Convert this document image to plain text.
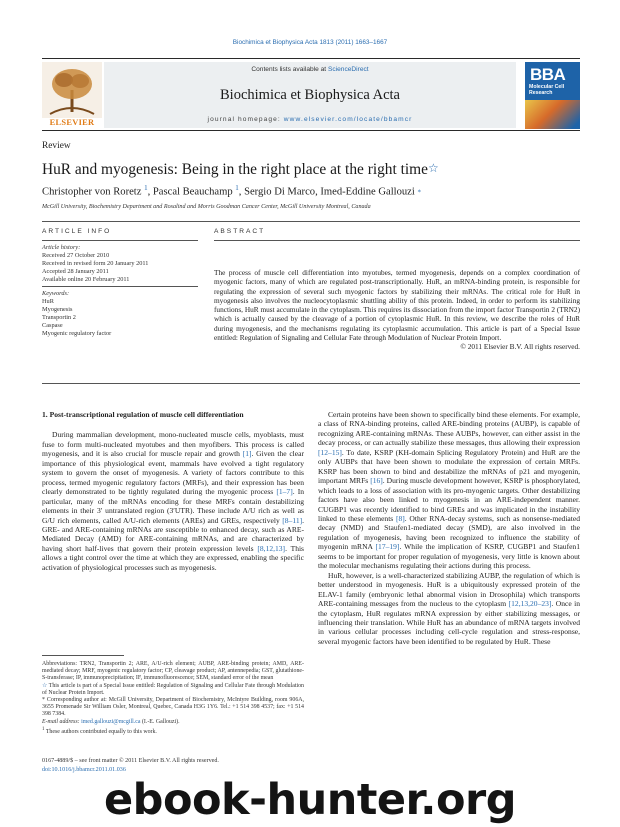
Biochimica et Biophysica Acta 1813 (2011) 1663–1667
ELSEVIER
Contents lists available at ScienceDirect
Biochimica et Biophysica Acta
journal homepage: www.elsevier.com/locate/bbamcr
BBA
Molecular Cell Research
Review
HuR and myogenesis: Being in the right place at the right time☆
Christopher von Roretz $^1$, Pascal Beauchamp $^1$, Sergio Di Marco, Imed-Eddine Gallouzi *
McGill University, Biochemistry Department and Rosalind and Morris Goodman Cancer Center, McGill University Montreal, Canada
ARTICLE INFO
Article history:
Received 27 October 2010
Received in revised form 20 January 2011
Accepted 28 January 2011
Available online 20 February 2011
Keywords:
HuR
Myogenesis
Transportin 2
Caspase
Myogenic regulatory factor
ABSTRACT
The process of muscle cell differentiation into myotubes, termed myogenesis, depends on a complex coordination of myogenic factors, many of which are regulated post-transcriptionally. HuR, an mRNA-binding protein, is responsible for regulating the expression of several such myogenic factors by stabilizing their mRNAs. The critical role for HuR in myogenesis also involves the nucleocytoplasmic shuttling ability of this protein. Indeed, in order to perform its stabilizing functions, HuR must accumulate in the cytoplasm. This requires its dissociation from the import factor Transportin 2 (TRN2) which is actually caused by the cleavage of a portion of cytoplasmic HuR. In this review, we describe the roles of HuR during myogenesis, and the mechanisms regulating its cytoplasmic accumulation. This article is part of a Special Issue entitled: Regulation of Signaling and Cellular Fate through Modulation of Nuclear Protein Import.
© 2011 Elsevier B.V. All rights reserved.
1. Post-transcriptional regulation of muscle cell differentiation

During mammalian development, mono-nucleated muscle cells, myoblasts, must fuse to form multi-nucleated myotubes and then myofibers. This process is called myogenesis, and it is also crucial for muscle repair and growth [1]. Given the clear importance of this physiological event, mammals have evolved a tight regulatory system to govern the onset of myogenesis. A variety of factors contribute to this process, termed myogenic regulatory factors (MRFs), and their expression has been clearly demonstrated to be tightly regulated during the myogenic process [1–7]. In particular, many of the mRNAs encoding for these MRFs contain destabilizing elements in their 3′ untranslated region (3′UTR). These include A/U rich as well as G/U rich elements, called A/U-rich elements (AREs) and GREs, respectively [8–11]. GRE- and ARE-containing mRNAs are susceptible to enhanced decay, such as ARE-Mediated Decay (AMD) for ARE-containing mRNAs, and are characterized by having short half-lives that govern their protein expression levels [8,12,13]. This allows a tight control over the time at which they are expressed, enabling the specific activation of physiological processes such as myogenesis.

Abbreviations: TRN2, Transportin 2; ARE, A/U-rich element; AUBP, ARE-binding protein; AMD, ARE-mediated decay; MRF, myogenic regulatory factor; CP, cleavage product; AP, antennepedia; GST, glutathione-S-transferase; IP, immunoprecipitation; IF, immunofluorescence; SEM, standard error of the mean
☆ This article is part of a Special Issue entitled: Regulation of Signaling and Cellular Fate through Modulation of Nuclear Protein Import.
* Corresponding author at: McGill University, Department of Biochemistry, McIntyre Building, room 906A, 3655 Promenade Sir William Osler, Montreal, Quebec, Canada H3G 1Y6. Tel.: +1 514 398 4537; fax: +1 514 398 7384.
E-mail address: imed.gallouzi@mcgill.ca (I.-E. Gallouzi).
$^1$ These authors contributed equally to this work.
0167-4889/$ – see front matter © 2011 Elsevier B.V. All rights reserved.
doi:10.1016/j.bbamcr.2011.01.036

Certain proteins have been shown to specifically bind these elements. For example, a class of RNA-binding proteins, called ARE-binding proteins (AUBP), is capable of recognizing ARE-containing mRNAs. These AUBPs, however, can either assist in the decay process, or can actually stabilize these messages, thus allowing their expression [12–15]. To date, KSRP (KH-domain Splicing Regulatory Protein) and HuR are the only AUBPs that have been shown to modulate the expression of certain MRFs. KSRP has been shown to bind and destabilize the mRNAs of p21 and myogenin, important MRFs [16]. During muscle development however, KSRP is phosphorylated, which leads to a loss of association with its pro-myogenic targets. Other destabilizing factors have also been linked to myogenesis in an ARE-independent manner. CUGBP1 was recently identified to bind GREs and was implicated in the instability linked to these elements [8]. Other RNA-decay systems, such as nonsense-mediated decay (NMD) and Staufen1-mediated decay (SMD), are also involved in the regulation of myogenesis, having been recognized to influence the stability of myogenin mRNA [17–19]. While the implication of KSRP, CUGBP1 and Staufen1 seems to be important for proper regulation of myogenesis, very little is known about the molecular mechanisms regulating their actions during this process.

HuR, however, is a well-characterized stabilizing AUBP, the regulation of which is better understood in myogenesis. HuR is a ubiquitously expressed protein of the ELAV-1 family (embryonic lethal abnormal vision in Drosophila) which transports ARE-containing messages from the nucleus to the cytoplasm [12,13,20–23]. Once in the cytoplasm, HuR regulates mRNA expression by either stabilizing messages, or influencing their translation. While HuR has an abundance of mRNA targets involved in various cellular processes including cell-cycle regulation and stress-response, several myogenic factors have been identified to be regulated by HuR. These

ebook-hunter.org
